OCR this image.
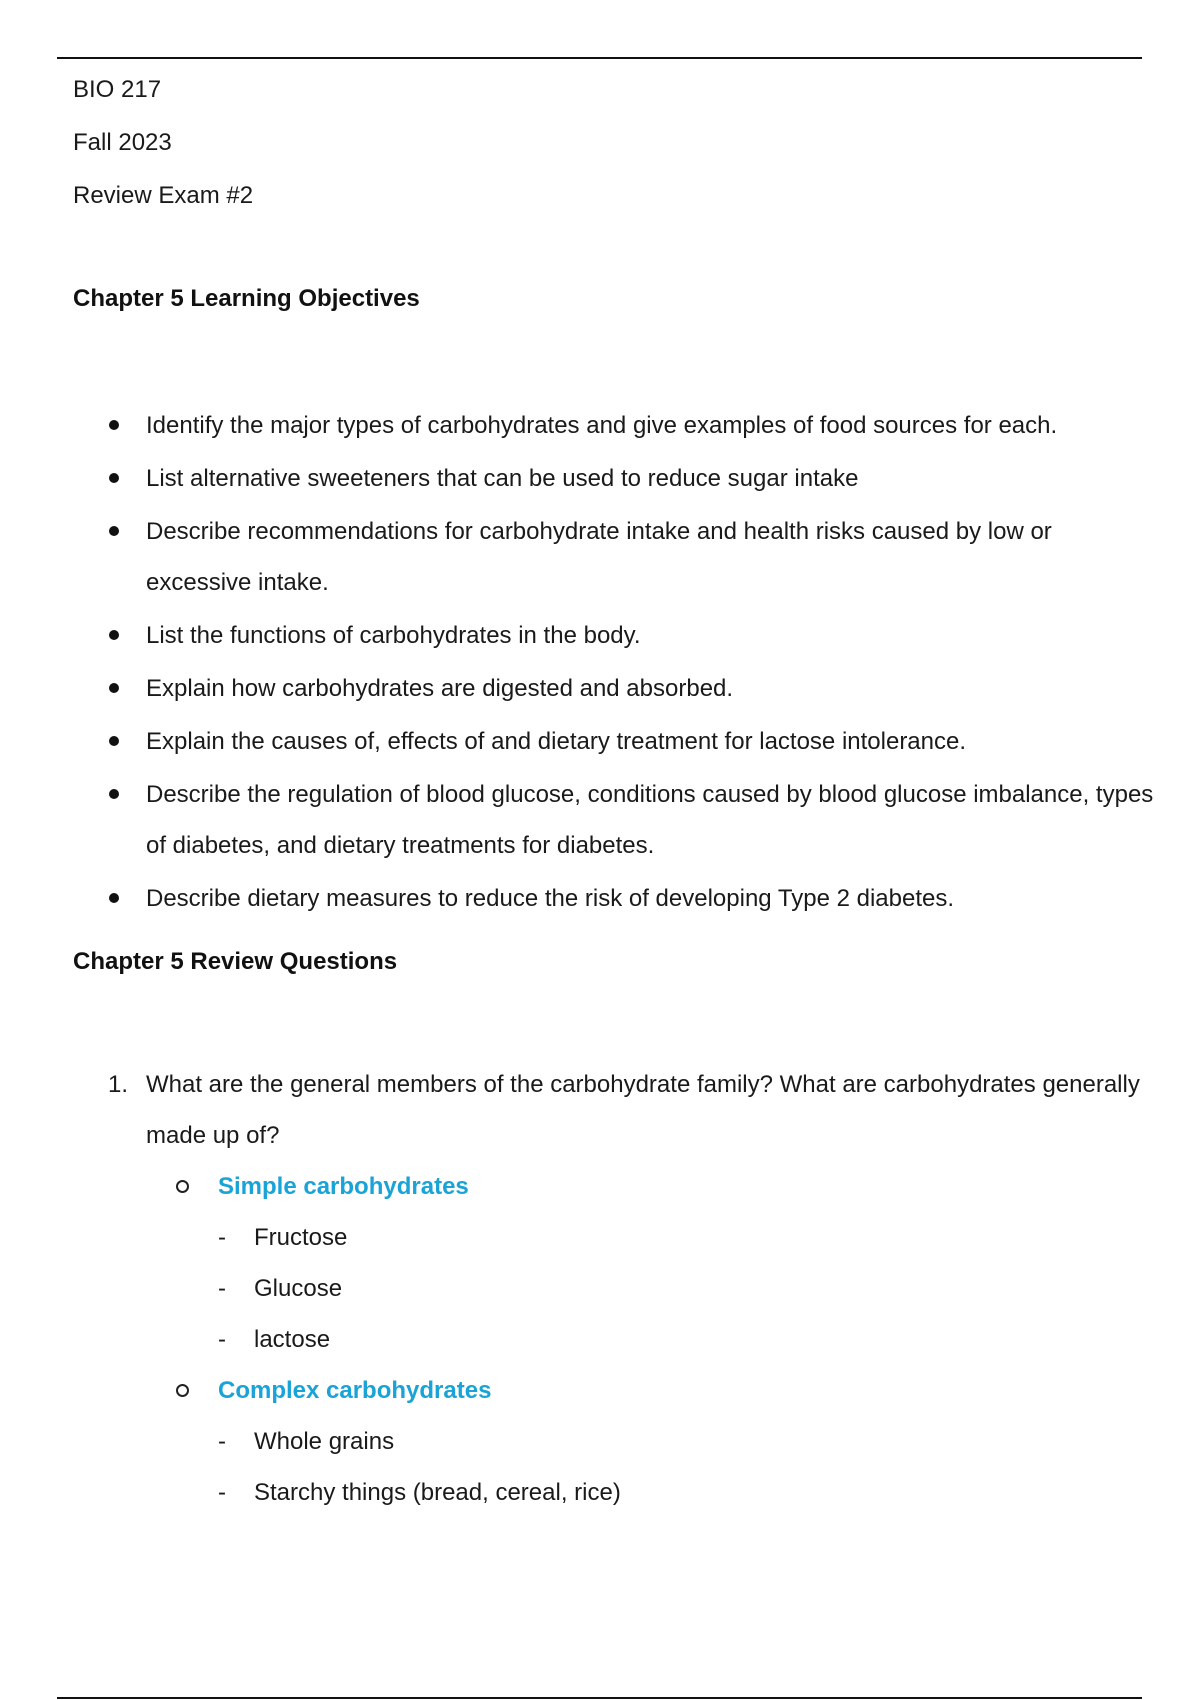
BIO 217

Fall 2023

Review Exam #2

Chapter 5 Learning Objectives

Identify the major types of carbohydrates and give examples of food sources for each.
List alternative sweeteners that can be used to reduce sugar intake
Describe recommendations for carbohydrate intake and health risks caused by low or excessive intake.
List the functions of carbohydrates in the body.
Explain how carbohydrates are digested and absorbed.
Explain the causes of, effects of and dietary treatment for lactose intolerance.
Describe the regulation of blood glucose, conditions caused by blood glucose imbalance, types of diabetes, and dietary treatments for diabetes.
Describe dietary measures to reduce the risk of developing Type 2 diabetes.

Chapter 5 Review Questions

1. What are the general members of the carbohydrate family? What are carbohydrates generally made up of?
Simple carbohydrates
- Fructose
- Glucose
- lactose
Complex carbohydrates
- Whole grains
- Starchy things (bread, cereal, rice)
